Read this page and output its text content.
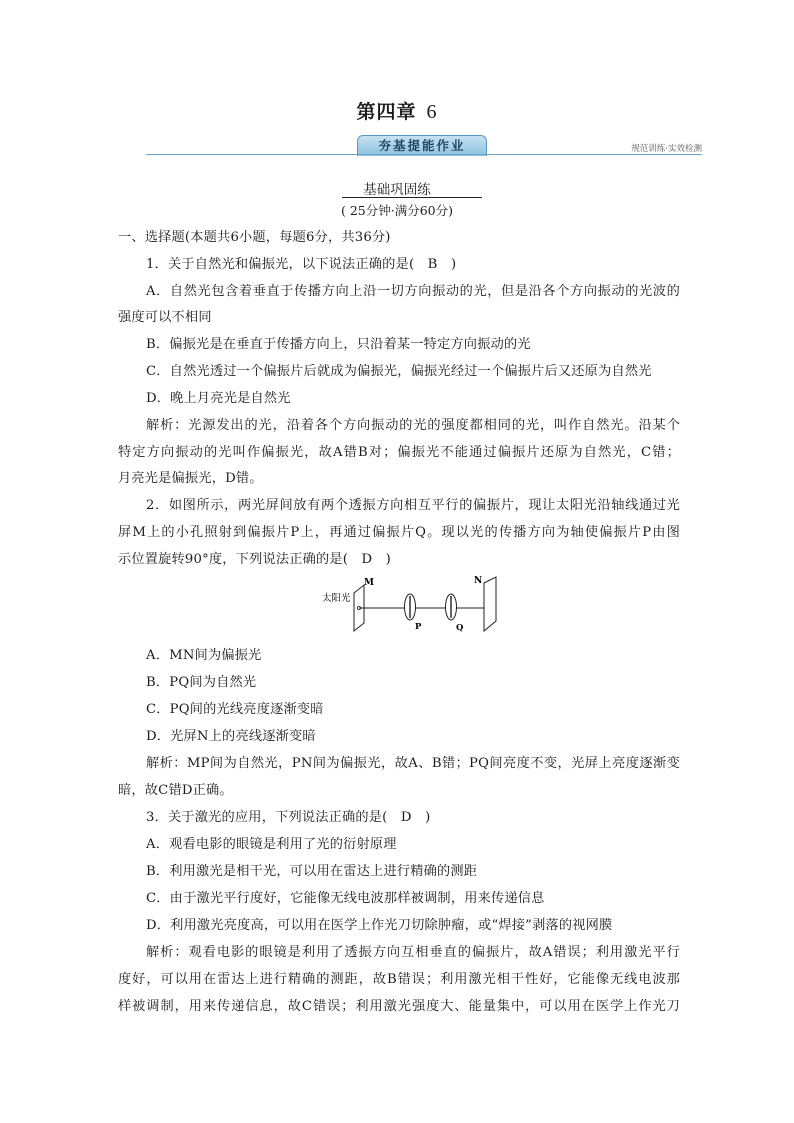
第四章 6
夯基提能作业	规范训练·实效检测
基础巩固练
( 25分钟·满分60分)
一、选择题(本题共6小题，每题6分，共36分)
1．关于自然光和偏振光，以下说法正确的是(　B　)
A．自然光包含着垂直于传播方向上沿一切方向振动的光，但是沿各个方向振动的光波的
强度可以不相同
B．偏振光是在垂直于传播方向上，只沿着某一特定方向振动的光
C．自然光透过一个偏振片后就成为偏振光，偏振光经过一个偏振片后又还原为自然光
D．晚上月亮光是自然光
解析：光源发出的光，沿着各个方向振动的光的强度都相同的光，叫作自然光。沿某个
特定方向振动的光叫作偏振光，故A错B对；偏振光不能通过偏振片还原为自然光，C错；
月亮光是偏振光，D错。
2．如图所示，两光屏间放有两个透振方向相互平行的偏振片，现让太阳光沿轴线通过光
屏M上的小孔照射到偏振片P上，再通过偏振片Q。现以光的传播方向为轴使偏振片P由图
示位置旋转90°度，下列说法正确的是(　D　)
太阳光
M
P	Q
N
A．MN间为偏振光
B．PQ间为自然光
C．PQ间的光线亮度逐渐变暗
D．光屏N上的亮线逐渐变暗
解析：MP间为自然光，PN间为偏振光，故A、B错；PQ间亮度不变，光屏上亮度逐渐变
暗，故C错D正确。
3．关于激光的应用，下列说法正确的是(　D　)
A．观看电影的眼镜是利用了光的衍射原理
B．利用激光是相干光，可以用在雷达上进行精确的测距
C．由于激光平行度好，它能像无线电波那样被调制，用来传递信息
D．利用激光亮度高，可以用在医学上作光刀切除肿瘤，或“焊接”剥落的视网膜
解析：观看电影的眼镜是利用了透振方向互相垂直的偏振片，故A错误；利用激光平行
度好，可以用在雷达上进行精确的测距，故B错误；利用激光相干性好，它能像无线电波那
样被调制，用来传递信息，故C错误；利用激光强度大、能量集中，可以用在医学上作光刀
